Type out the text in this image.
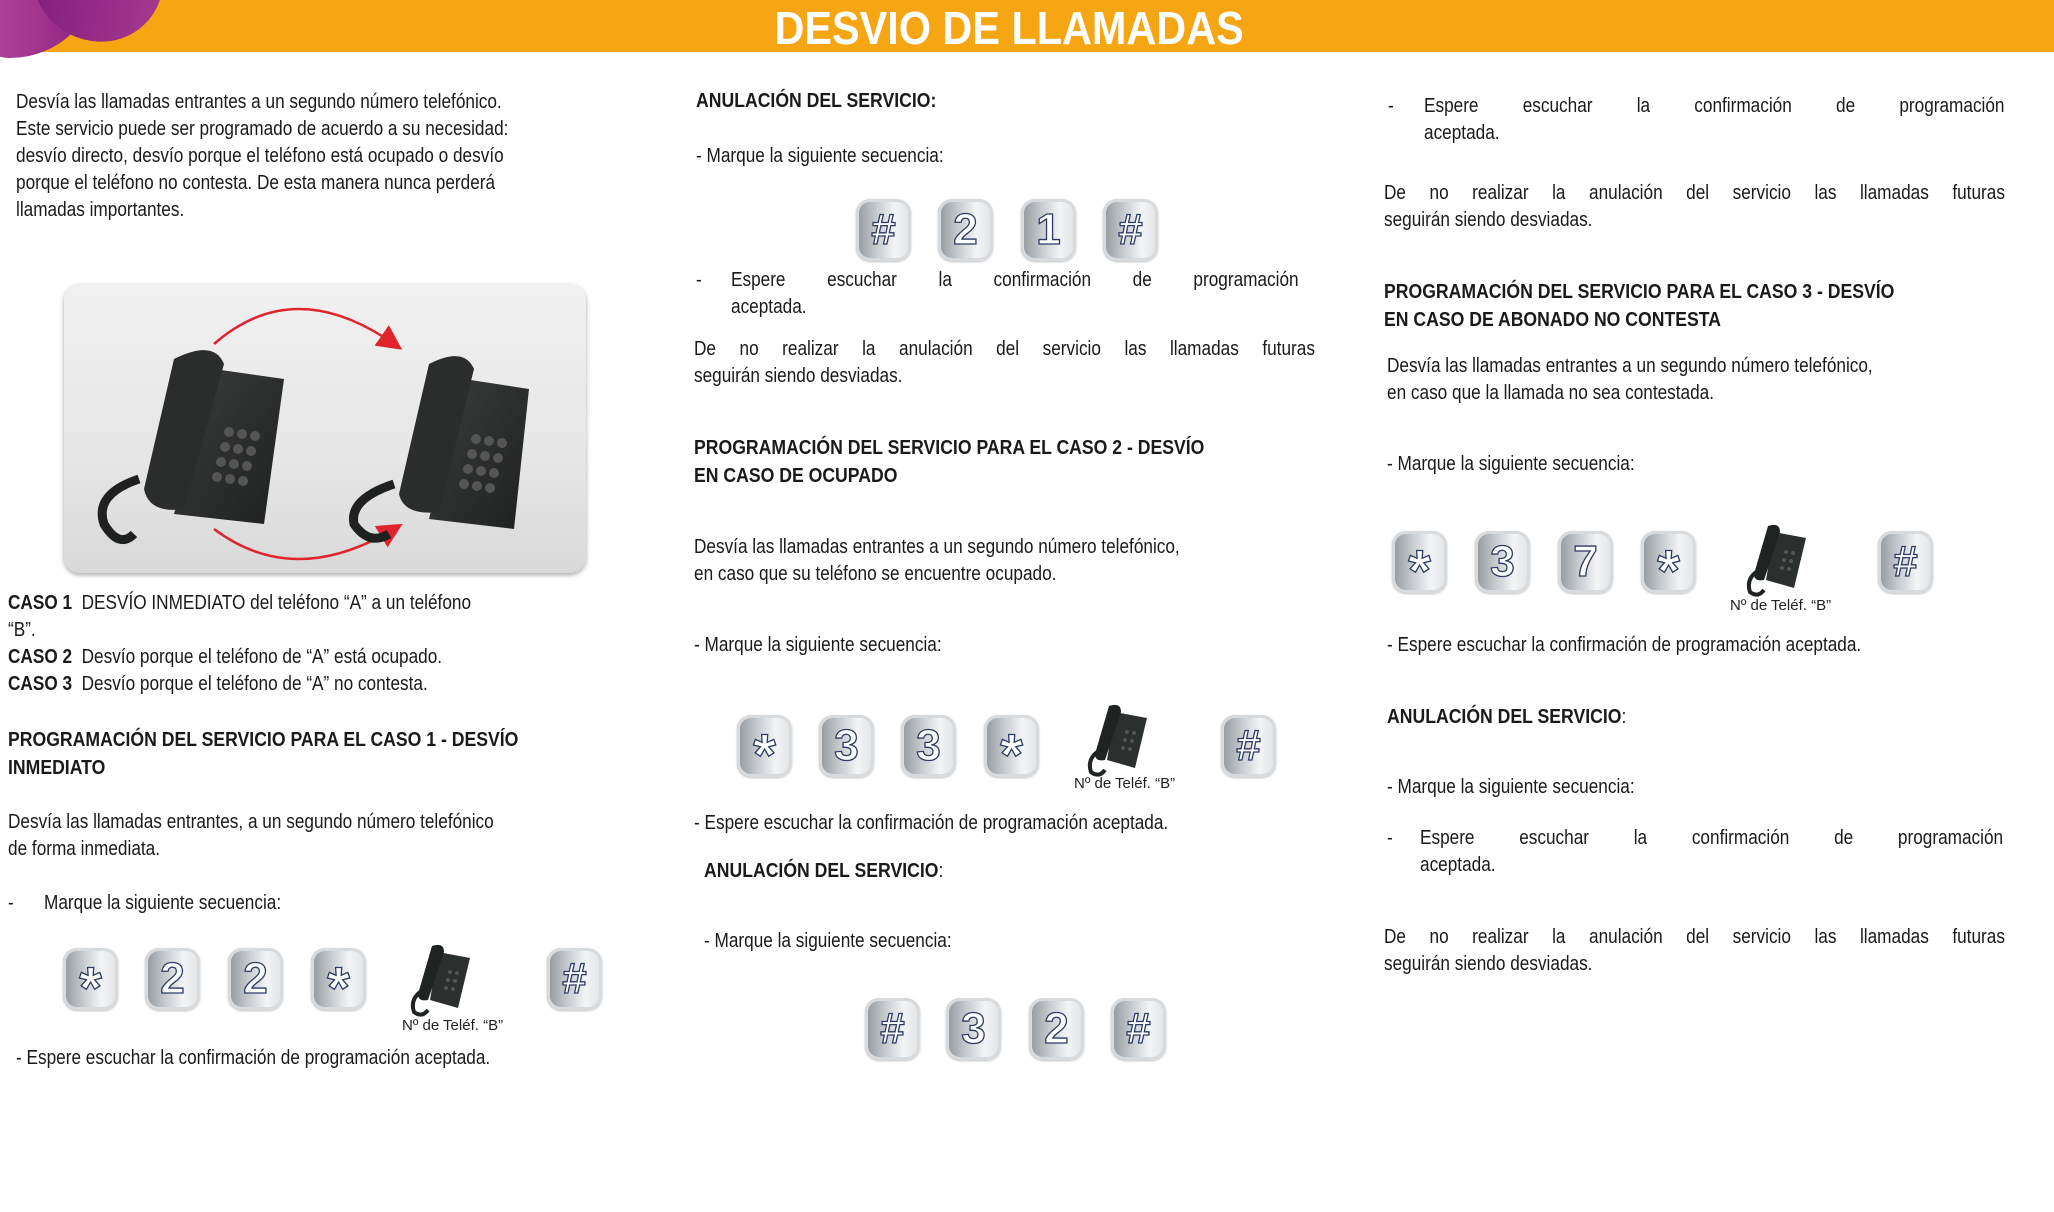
DESVIO DE LLAMADAS
Desvía las llamadas entrantes a un segundo número telefónico.
Este servicio puede ser programado de acuerdo a su necesidad:
desvío directo, desvío porque el teléfono está ocupado o desvío
porque el teléfono no contesta. De esta manera nunca perderá
llamadas importantes.
CASO 1 DESVÍO INMEDIATO del teléfono “A” a un teléfono
“B”.
CASO 2 Desvío porque el teléfono de “A” está ocupado.
CASO 3 Desvío porque el teléfono de “A” no contesta.
PROGRAMACIÓN DEL SERVICIO PARA EL CASO 1 - DESVÍO
INMEDIATO
Desvía las llamadas entrantes, a un segundo número telefónico
de forma inmediata.
- Marque la siguiente secuencia:
* 2 2 *	#
Nº de Teléf. “B”
- Espere escuchar la confirmación de programación aceptada.
ANULACIÓN DEL SERVICIO:
- Marque la siguiente secuencia:
# 2 1 #
- Espere escuchar la confirmación de programación
aceptada.
De no realizar la anulación del servicio las llamadas futuras
seguirán siendo desviadas.
PROGRAMACIÓN DEL SERVICIO PARA EL CASO 2 - DESVÍO
EN CASO DE OCUPADO
Desvía las llamadas entrantes a un segundo número telefónico,
en caso que su teléfono se encuentre ocupado.
- Marque la siguiente secuencia:
* 3 3 *	#
Nº de Teléf. “B”
- Espere escuchar la confirmación de programación aceptada.
ANULACIÓN DEL SERVICIO:
- Marque la siguiente secuencia:
# 3 2 #
- Espere escuchar la confirmación de programación
aceptada.
De no realizar la anulación del servicio las llamadas futuras
seguirán siendo desviadas.
PROGRAMACIÓN DEL SERVICIO PARA EL CASO 3 - DESVÍO
EN CASO DE ABONADO NO CONTESTA
Desvía las llamadas entrantes a un segundo número telefónico,
en caso que la llamada no sea contestada.
- Marque la siguiente secuencia:
* 3 7 *	#
Nº de Teléf. “B”
- Espere escuchar la confirmación de programación aceptada.
ANULACIÓN DEL SERVICIO:
- Marque la siguiente secuencia:
- Espere escuchar la confirmación de programación
aceptada.
De no realizar la anulación del servicio las llamadas futuras
seguirán siendo desviadas.
